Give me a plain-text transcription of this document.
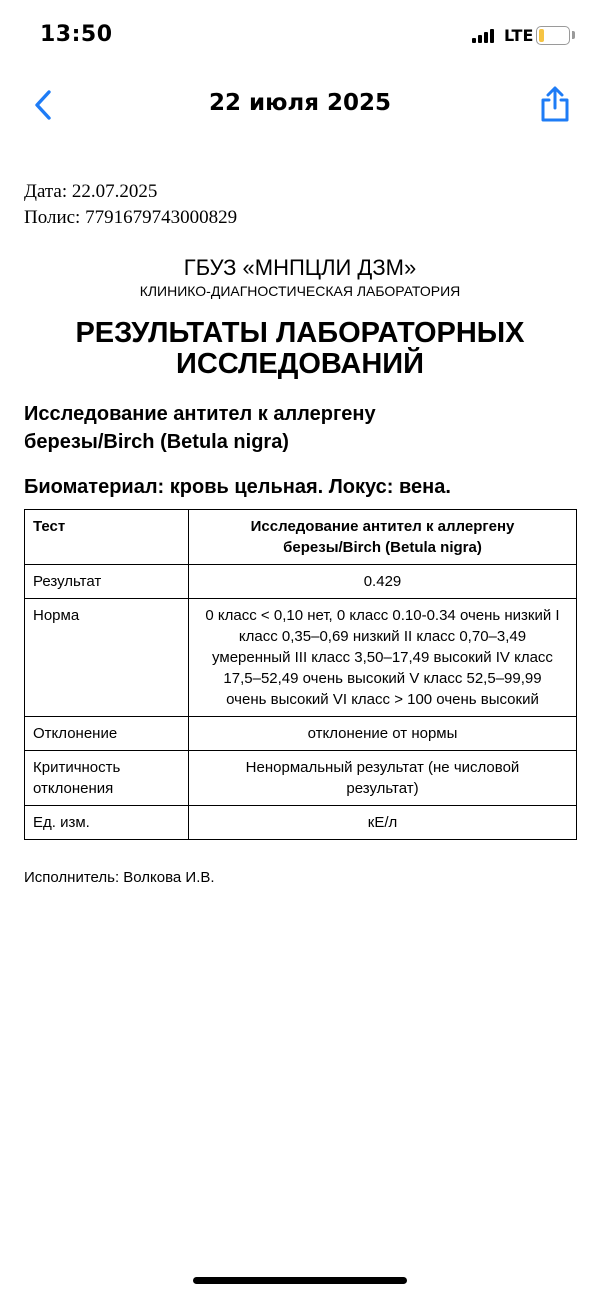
13:50	LTE
22 июля 2025
Дата: 22.07.2025
Полис: 7791679743000829
ГБУЗ «МНПЦЛИ ДЗМ»
КЛИНИКО-ДИАГНОСТИЧЕСКАЯ ЛАБОРАТОРИЯ
РЕЗУЛЬТАТЫ ЛАБОРАТОРНЫХ
ИССЛЕДОВАНИЙ
Исследование антител к аллергену
березы/Birch (Betula nigra)
Биоматериал: кровь цельная. Локус: вена.
Тест	Исследование антител к аллергену
березы/Birch (Betula nigra)

Результат	0.429
Норма	0 класс < 0,10 нет, 0 класс 0.10-0.34 очень низкий I класс 0,35–0,69 низкий II класс 0,70–3,49 умеренный III класс 3,50–17,49 высокий IV класс 17,5–52,49 очень высокий V класс 52,5–99,99 очень высокий VI класс > 100 очень высокий
Отклонение	отклонение от нормы
Критичность отклонения	Ненормальный результат (не числовой результат)
Ед. изм.	кЕ/л
Исполнитель: Волкова И.В.
